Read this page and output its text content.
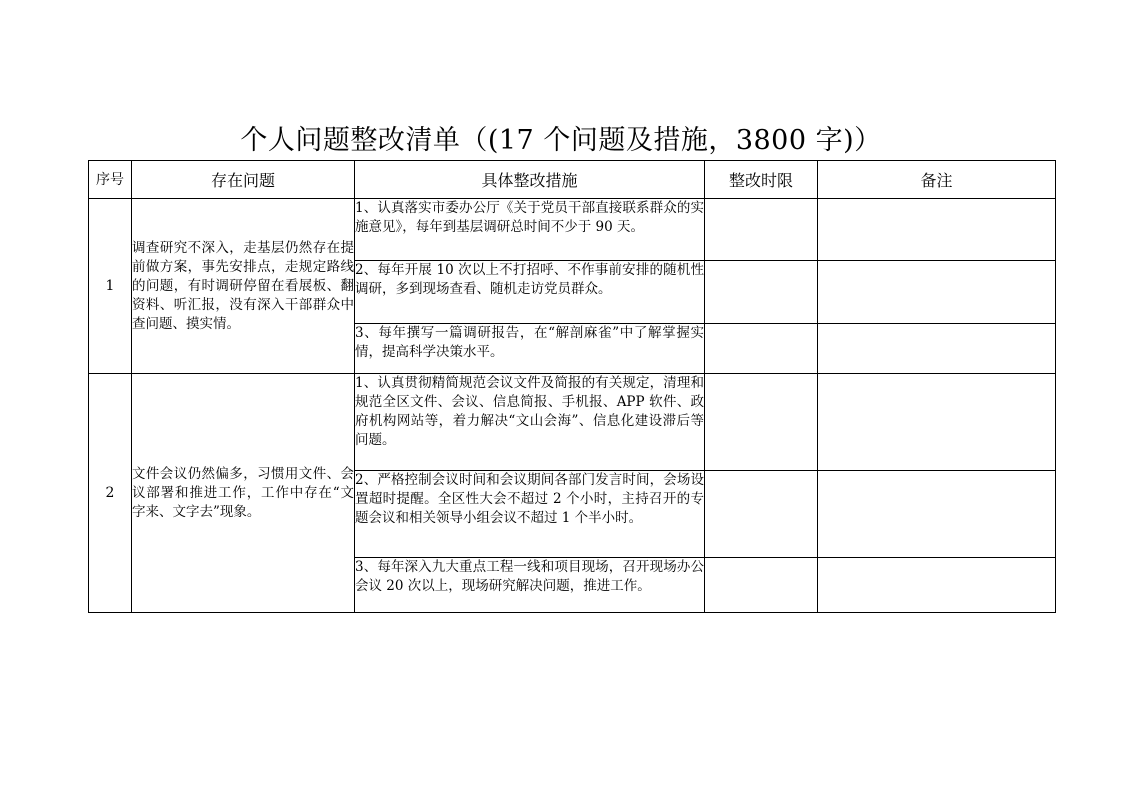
个人问题整改清单（(17 个问题及措施，3800 字)）
序号	存在问题	具体整改措施	整改时限	备注
1	调查研究不深入，走基层仍然存在提前做方案，事先安排点，走规定路线的问题，有时调研停留在看展板、翻资料、听汇报，没有深入干部群众中查问题、摸实情。	1、认真落实市委办公厅《关于党员干部直接联系群众的实施意见》，每年到基层调研总时间不少于 90 天。		
		2、每年开展 10 次以上不打招呼、不作事前安排的随机性调研，多到现场查看、随机走访党员群众。		
		3、每年撰写一篇调研报告，在“解剖麻雀”中了解掌握实情，提高科学决策水平。		
2	文件会议仍然偏多，习惯用文件、会议部署和推进工作，工作中存在“文字来、文字去”现象。	1、认真贯彻精简规范会议文件及简报的有关规定，清理和规范全区文件、会议、信息简报、手机报、APP 软件、政府机构网站等，着力解决“文山会海”、信息化建设滞后等问题。		
		2、严格控制会议时间和会议期间各部门发言时间，会场设置超时提醒。全区性大会不超过 2 个小时，主持召开的专题会议和相关领导小组会议不超过 1 个半小时。		
		3、每年深入九大重点工程一线和项目现场，召开现场办公会议 20 次以上，现场研究解决问题，推进工作。		
